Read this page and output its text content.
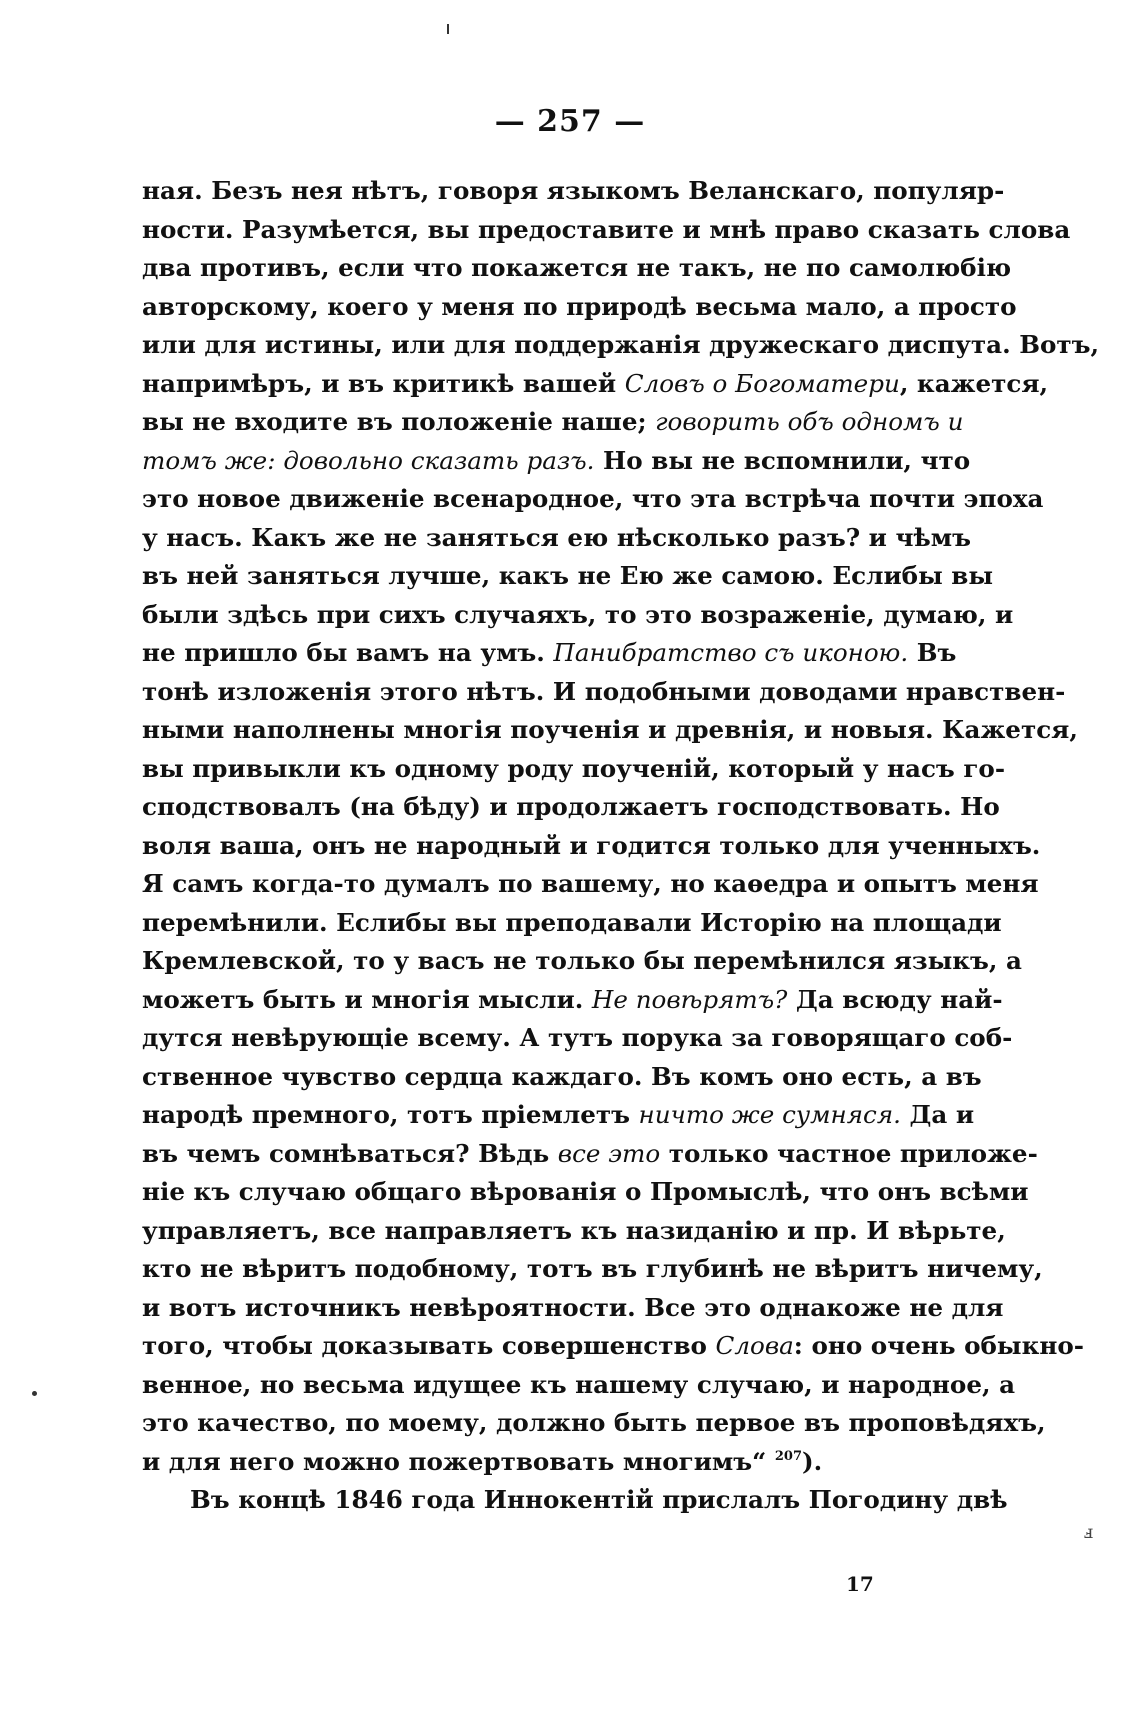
— 257 —
ная. Безъ нея нѣтъ, говоря языкомъ Веланскаго, популяр-
ности. Разумѣется, вы предоставите и мнѣ право сказать слова
два противъ, если что покажется не такъ, не по самолюбію
авторскому, коего у меня по природѣ весьма мало, а просто
или для истины, или для поддержанія дружескаго диспута. Вотъ,
напримѣръ, и въ критикѣ вашей Словъ о Богоматери, кажется,
вы не входите въ положеніе наше; говорить объ одномъ и
томъ же: довольно сказать разъ. Но вы не вспомнили, что
это новое движеніе всенародное, что эта встрѣча почти эпоха
у насъ. Какъ же не заняться ею нѣсколько разъ? и чѣмъ
въ ней заняться лучше, какъ не Ею же самою. Еслибы вы
были здѣсь при сихъ случаяхъ, то это возраженіе, думаю, и
не пришло бы вамъ на умъ. Панибратство съ иконою. Въ
тонѣ изложенія этого нѣтъ. И подобными доводами нравствен-
ными наполнены многія поученія и древнія, и новыя. Кажется,
вы привыкли къ одному роду поученій, который у насъ го-
сподствовалъ (на бѣду) и продолжаетъ господствовать. Но
воля ваша, онъ не народный и годится только для ученныхъ.
Я самъ когда-то думалъ по вашему, но каѳедра и опытъ меня
перемѣнили. Еслибы вы преподавали Исторію на площади
Кремлевской, то у васъ не только бы перемѣнился языкъ, а
можетъ быть и многія мысли. Не повѣрятъ? Да всюду най-
дутся невѣрующіе всему. А тутъ порука за говорящаго соб-
ственное чувство сердца каждаго. Въ комъ оно есть, а въ
народѣ премного, тотъ пріемлетъ ничто же сумняся. Да и
въ чемъ сомнѣваться? Вѣдь все это только частное приложе-
ніе къ случаю общаго вѣрованія о Промыслѣ, что онъ всѣми
управляетъ, все направляетъ къ назиданію и пр. И вѣрьте,
кто не вѣритъ подобному, тотъ въ глубинѣ не вѣритъ ничему,
и вотъ источникъ невѣроятности. Все это однакоже не для
того, чтобы доказывать совершенство Слова: оно очень обыкно-
венное, но весьма идущее къ нашему случаю, и народное, а
это качество, по моему, должно быть первое въ проповѣдяхъ,
и для него можно пожертвовать многимъ“ $^{207}$).
Въ концѣ 1846 года Иннокентій прислалъ Погодину двѣ
17
ⅎ
